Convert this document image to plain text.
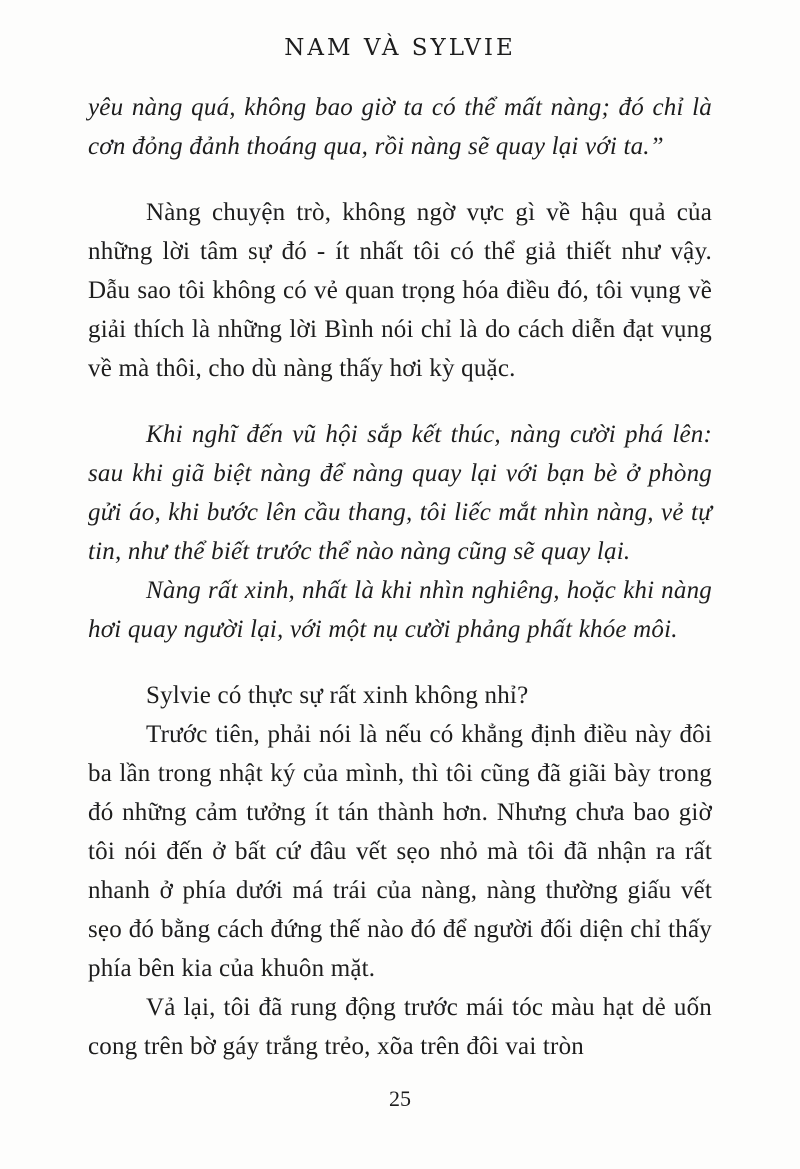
NAM VÀ SYLVIE

yêu nàng quá, không bao giờ ta có thể mất nàng; đó chỉ là cơn đỏng đảnh thoáng qua, rồi nàng sẽ quay lại với ta.”

Nàng chuyện trò, không ngờ vực gì về hậu quả của những lời tâm sự đó - ít nhất tôi có thể giả thiết như vậy. Dẫu sao tôi không có vẻ quan trọng hóa điều đó, tôi vụng về giải thích là những lời Bình nói chỉ là do cách diễn đạt vụng về mà thôi, cho dù nàng thấy hơi kỳ quặc.

Khi nghĩ đến vũ hội sắp kết thúc, nàng cười phá lên: sau khi giã biệt nàng để nàng quay lại với bạn bè ở phòng gửi áo, khi bước lên cầu thang, tôi liếc mắt nhìn nàng, vẻ tự tin, như thể biết trước thể nào nàng cũng sẽ quay lại.

Nàng rất xinh, nhất là khi nhìn nghiêng, hoặc khi nàng hơi quay người lại, với một nụ cười phảng phất khóe môi.

Sylvie có thực sự rất xinh không nhỉ?

Trước tiên, phải nói là nếu có khẳng định điều này đôi ba lần trong nhật ký của mình, thì tôi cũng đã giãi bày trong đó những cảm tưởng ít tán thành hơn. Nhưng chưa bao giờ tôi nói đến ở bất cứ đâu vết sẹo nhỏ mà tôi đã nhận ra rất nhanh ở phía dưới má trái của nàng, nàng thường giấu vết sẹo đó bằng cách đứng thế nào đó để người đối diện chỉ thấy phía bên kia của khuôn mặt.

Vả lại, tôi đã rung động trước mái tóc màu hạt dẻ uốn cong trên bờ gáy trắng trẻo, xõa trên đôi vai tròn

25
